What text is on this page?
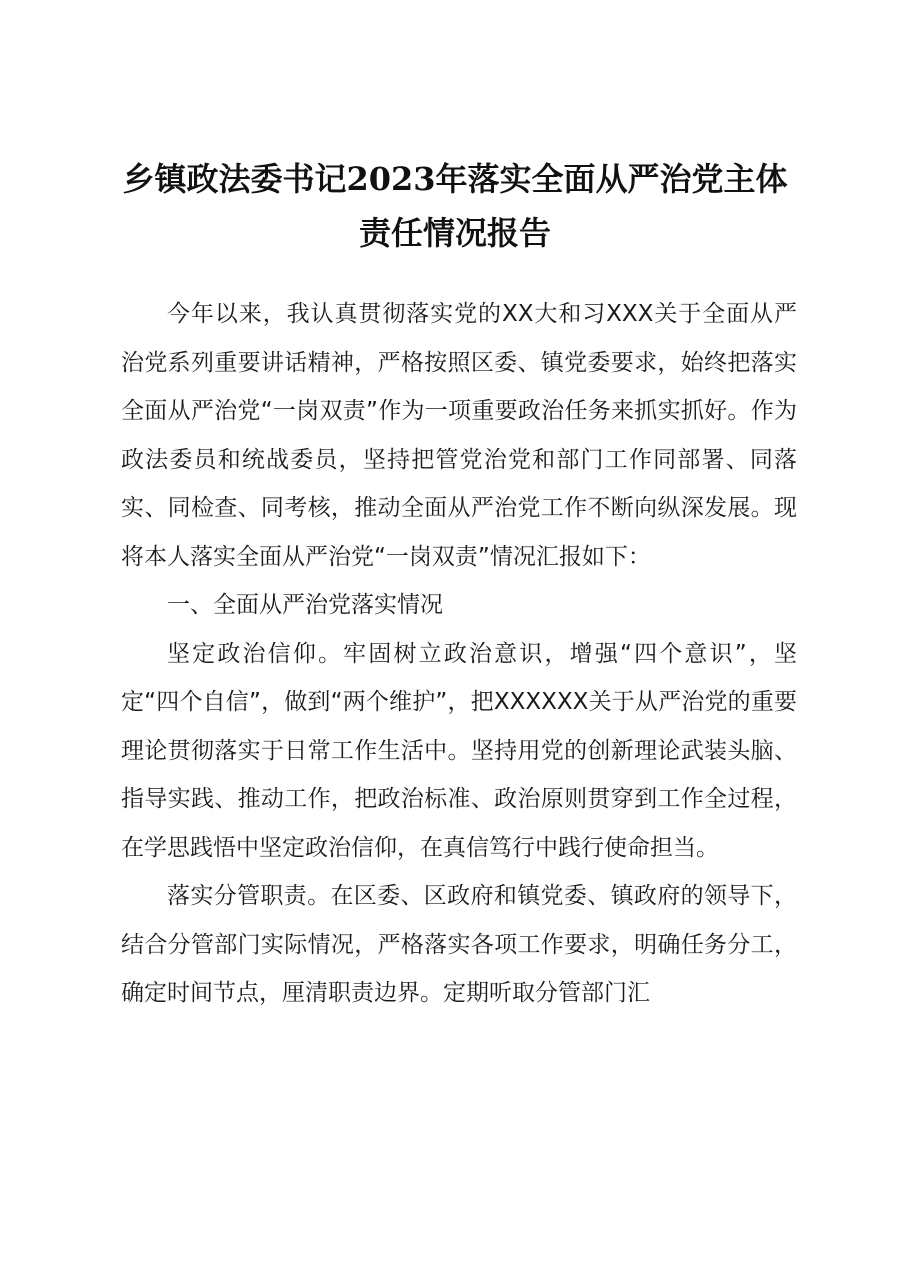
乡镇政法委书记2023年落实全面从严治党主体责任情况报告

今年以来，我认真贯彻落实党的XX大和习XXX关于全面从严治党系列重要讲话精神，严格按照区委、镇党委要求，始终把落实全面从严治党“一岗双责”作为一项重要政治任务来抓实抓好。作为政法委员和统战委员，坚持把管党治党和部门工作同部署、同落实、同检查、同考核，推动全面从严治党工作不断向纵深发展。现将本人落实全面从严治党“一岗双责”情况汇报如下：

一、全面从严治党落实情况

坚定政治信仰。牢固树立政治意识，增强“四个意识”，坚定“四个自信”，做到“两个维护”，把XXXXXX关于从严治党的重要理论贯彻落实于日常工作生活中。坚持用党的创新理论武装头脑、指导实践、推动工作，把政治标准、政治原则贯穿到工作全过程，在学思践悟中坚定政治信仰，在真信笃行中践行使命担当。

落实分管职责。在区委、区政府和镇党委、镇政府的领导下，结合分管部门实际情况，严格落实各项工作要求，明确任务分工，确定时间节点，厘清职责边界。定期听取分管部门汇
